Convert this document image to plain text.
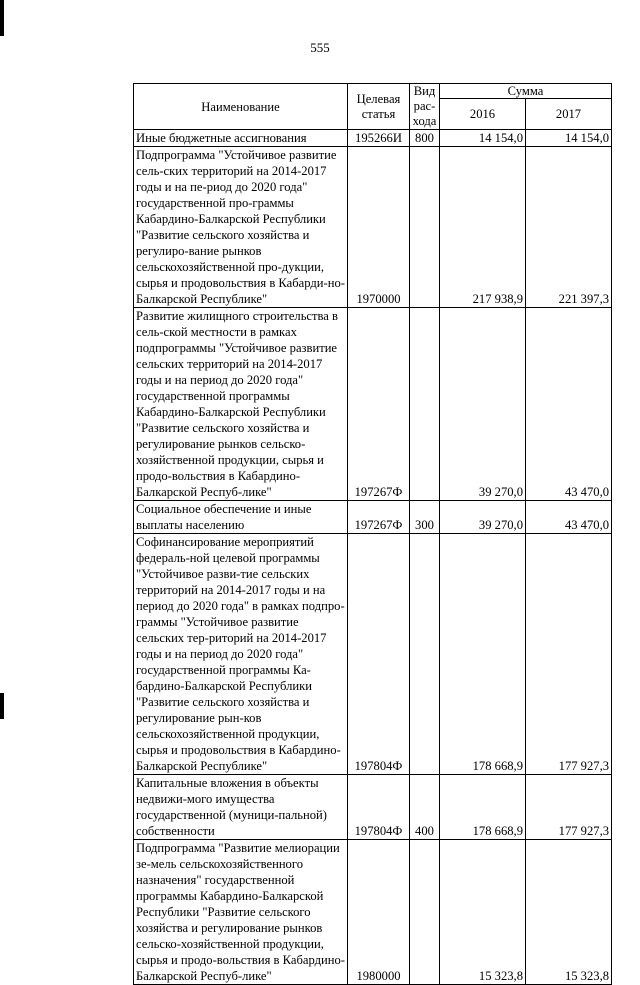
555
Наименование	Целевая статья	Вид рас-хода	Сумма	
			2016	2017
Иные бюджетные ассигнования	195266И	800	14 154,0	14 154,0
Подпрограмма "Устойчивое развитие сель-ских территорий на 2014-2017 годы и на пе-риод до 2020 года" государственной про-граммы Кабардино-Балкарской Республики "Развитие сельского хозяйства и регулиро-вание рынков сельскохозяйственной про-дукции, сырья и продовольствия в Кабарди-но-Балкарской Республике"	1970000		217 938,9	221 397,3
Развитие жилищного строительства в сель-ской местности в рамках подпрограммы "Устойчивое развитие сельских территорий на 2014-2017 годы и на период до 2020 года" государственной программы Кабардино-Балкарской Республики "Развитие сельского хозяйства и регулирование рынков сельско-хозяйственной продукции, сырья и продо-вольствия в Кабардино-Балкарской Респуб-лике"	197267Ф		39 270,0	43 470,0
Социальное обеспечение и иные выплаты населению	197267Ф	300	39 270,0	43 470,0
Софинансирование мероприятий федераль-ной целевой программы "Устойчивое разви-тие сельских территорий на 2014-2017 годы и на период до 2020 года" в рамках подпро-граммы "Устойчивое развитие сельских тер-риторий на 2014-2017 годы и на период до 2020 года" государственной программы Ка-бардино-Балкарской Республики "Развитие сельского хозяйства и регулирование рын-ков сельскохозяйственной продукции, сырья и продовольствия в Кабардино-Балкарской Республике"	197804Ф		178 668,9	177 927,3
Капитальные вложения в объекты недвижи-мого имущества государственной (муници-пальной) собственности	197804Ф	400	178 668,9	177 927,3
Подпрограмма "Развитие мелиорации зе-мель сельскохозяйственного назначения" государственной программы Кабардино-Балкарской Республики "Развитие сельского хозяйства и регулирование рынков сельско-хозяйственной продукции, сырья и продо-вольствия в Кабардино-Балкарской Респуб-лике"	1980000		15 323,8	15 323,8
